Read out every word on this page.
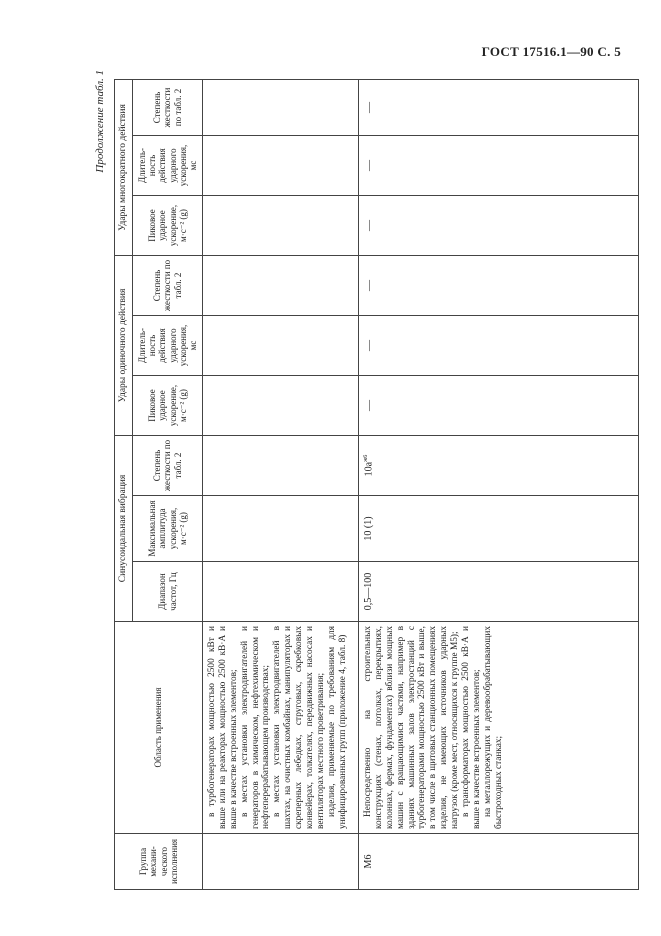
ГОСТ 17516.1—90 С. 5
Продолжение табл. 1
Группа механического исполнения	Область применения	Синусоидальная вибрация			Удары одиночного действия			Удары многократного действия		
		Диапазон частот, Гц	Максимальная амплитуда ускорения, м·с⁻² (g)	Степень жесткости по табл. 2	Пиковое ударное ускорение, м·с⁻² (g)	Длительность действия ударного ускорения, мс	Степень жесткости по табл. 2	Пиковое ударное ускорение, м·с⁻² (g)	Длительность действия ударного ускорения, мс	Степень жесткости по табл. 2

	в турбогенераторах мощностью 2500 кВт и выше или на реакторах мощностью 2500 кВ·А и выше в качестве встроенных элементов; в местах установки электродвигателей и генераторов в химическом, нефтехимическом и нефтеперерабатывающем производствах; в местах установки электродвигателей в шахтах, на очистных комбайнах, манипуляторах и скреперных лебедках, струговых, скребковых конвейерах, толкателях, передвижных насосах и вентиляторах местного проветривания; изделия, применяемые по требованиям для унифицированных групп (приложение 4, табл. 8)									

М6	Непосредственно на строительных конструкциях (стенах, потолках, перекрытиях, колоннах, фермах, фундаментах) вблизи мощных машин с вращающимися частями, например в зданиях машинных залов электростанций с турбогенераторами мощностью 2500 кВт и выше, в том числе в щитовых станционных помещениях изделия, не имеющих источников ударных нагрузок (кроме мест, относящихся к группе М5); в трансформаторах мощностью 2500 кВ·А и выше в качестве встроенных элементов; на металлорежущих и деревообрабатывающих быстроходных станках;	0,5—100	10 (1)	$10а^{ж6}$	—	—	—	—	—	—
